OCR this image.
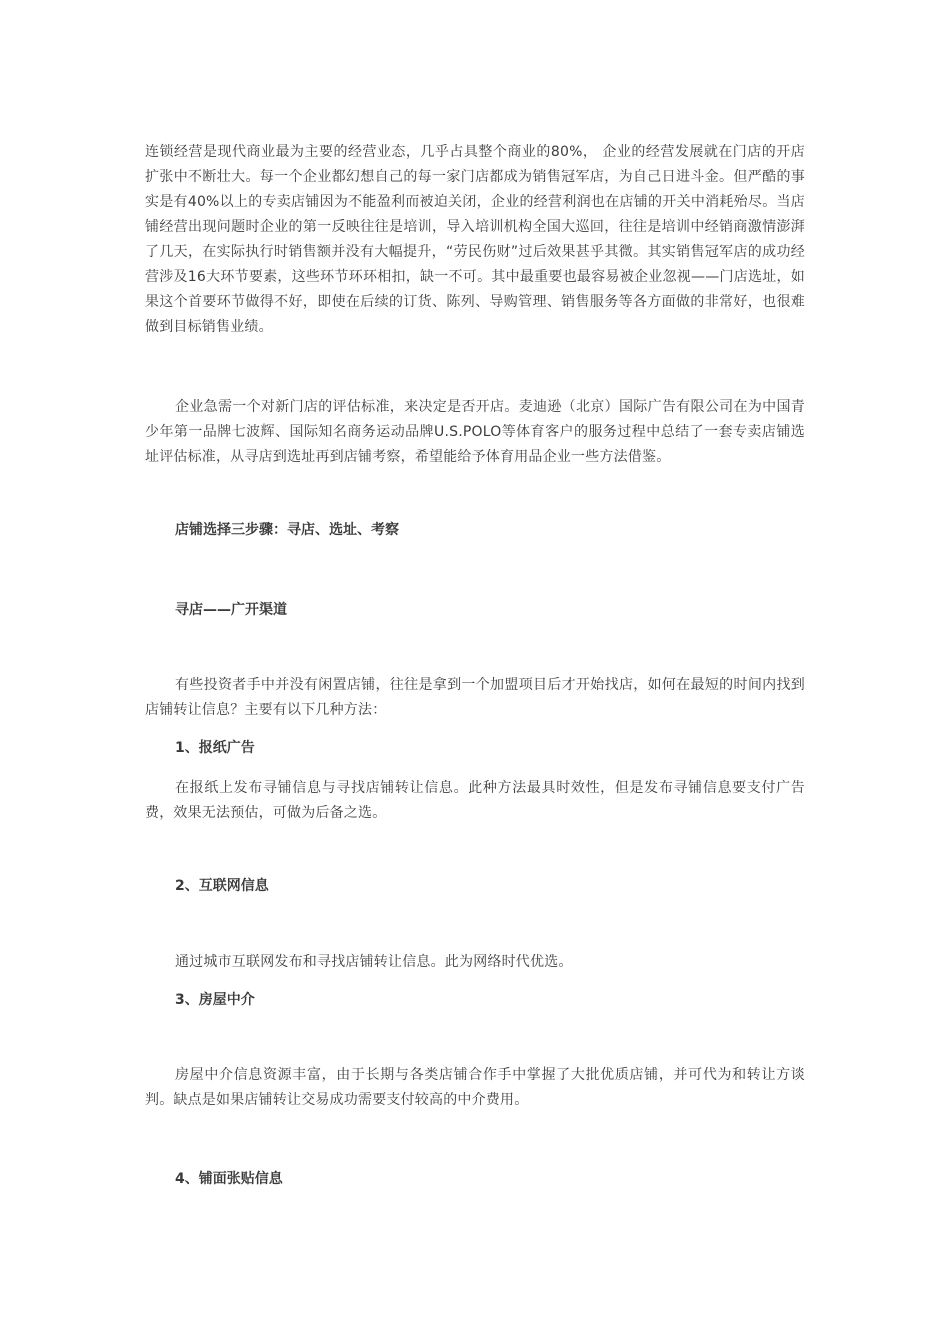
连锁经营是现代商业最为主要的经营业态，几乎占具整个商业的80%， 企业的经营发展就在门店的开店扩张中不断壮大。每一个企业都幻想自己的每一家门店都成为销售冠军店，为自己日进斗金。但严酷的事实是有40%以上的专卖店铺因为不能盈利而被迫关闭，企业的经营利润也在店铺的开关中消耗殆尽。当店铺经营出现问题时企业的第一反映往往是培训，导入培训机构全国大巡回，往往是培训中经销商激情澎湃了几天，在实际执行时销售额并没有大幅提升，“劳民伤财”过后效果甚乎其微。其实销售冠军店的成功经营涉及16大环节要素，这些环节环环相扣，缺一不可。其中最重要也最容易被企业忽视——门店选址，如果这个首要环节做得不好，即使在后续的订货、陈列、导购管理、销售服务等各方面做的非常好，也很难做到目标销售业绩。

企业急需一个对新门店的评估标准，来决定是否开店。麦迪逊（北京）国际广告有限公司在为中国青少年第一品牌七波辉、国际知名商务运动品牌U.S.POLO等体育客户的服务过程中总结了一套专卖店铺选址评估标准，从寻店到选址再到店铺考察，希望能给予体育用品企业一些方法借鉴。

店铺选择三步骤：寻店、选址、考察

寻店——广开渠道

有些投资者手中并没有闲置店铺，往往是拿到一个加盟项目后才开始找店，如何在最短的时间内找到店铺转让信息？主要有以下几种方法：

1、报纸广告

在报纸上发布寻铺信息与寻找店铺转让信息。此种方法最具时效性，但是发布寻铺信息要支付广告费，效果无法预估，可做为后备之选。

2、互联网信息

通过城市互联网发布和寻找店铺转让信息。此为网络时代优选。

3、房屋中介

房屋中介信息资源丰富，由于长期与各类店铺合作手中掌握了大批优质店铺，并可代为和转让方谈判。缺点是如果店铺转让交易成功需要支付较高的中介费用。

4、铺面张贴信息
